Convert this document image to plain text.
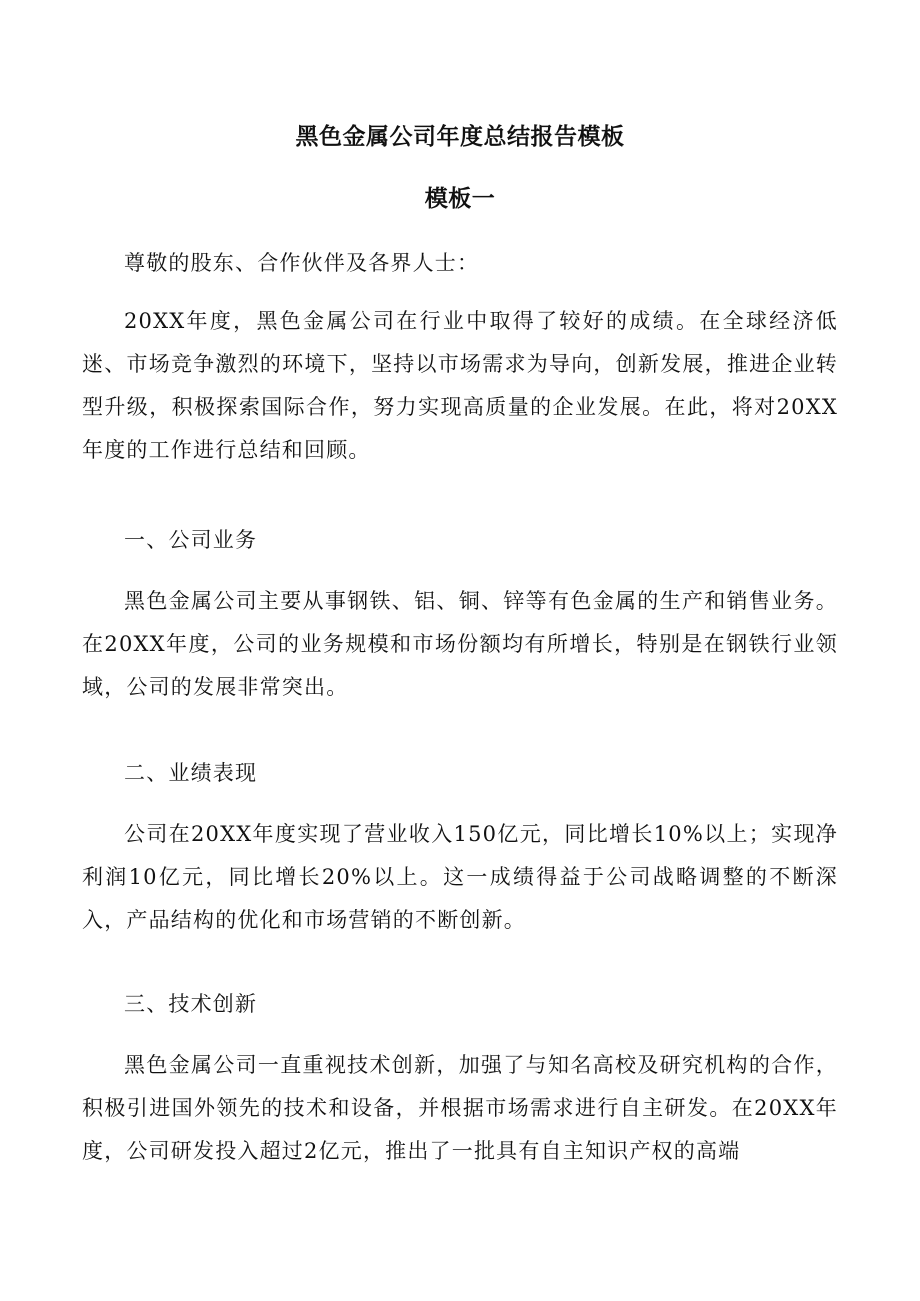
黑色金属公司年度总结报告模板
模板一

尊敬的股东、合作伙伴及各界人士：

20XX年度，黑色金属公司在行业中取得了较好的成绩。在全球经济低迷、市场竞争激烈的环境下，坚持以市场需求为导向，创新发展，推进企业转型升级，积极探索国际合作，努力实现高质量的企业发展。在此，将对20XX年度的工作进行总结和回顾。

一、公司业务

黑色金属公司主要从事钢铁、铝、铜、锌等有色金属的生产和销售业务。在20XX年度，公司的业务规模和市场份额均有所增长，特别是在钢铁行业领域，公司的发展非常突出。

二、业绩表现

公司在20XX年度实现了营业收入150亿元，同比增长10%以上；实现净利润10亿元，同比增长20%以上。这一成绩得益于公司战略调整的不断深入，产品结构的优化和市场营销的不断创新。

三、技术创新

黑色金属公司一直重视技术创新，加强了与知名高校及研究机构的合作，积极引进国外领先的技术和设备，并根据市场需求进行自主研发。在20XX年度，公司研发投入超过2亿元，推出了一批具有自主知识产权的高端
